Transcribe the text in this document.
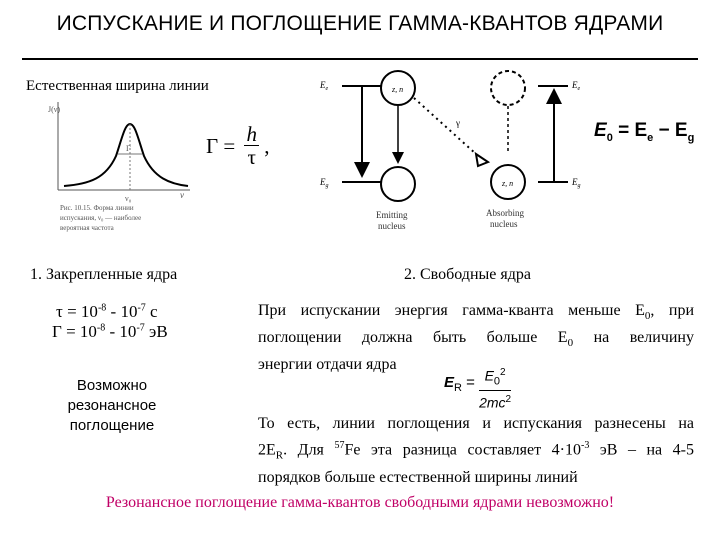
ИСПУСКАНИЕ И ПОГЛОЩЕНИЕ ГАММА-КВАНТОВ ЯДРАМИ
Естественная ширина линии
J(ν)
ν
Γ
ν₀
Рис. 10.15. Форма линии
испускания, ν₀ — наиболее
вероятная частота
$\Gamma = \frac{h}{\tau}$ ,
$E_e$
$E_g$
z, n
Emitting
nucleus
γ
z, n
Absorbing
nucleus
$E_e$
$E_g$
$E_0 = E_e - E_g$
1. Закрепленные ядра
$\tau = 10^{-8} - 10^{-7}$ с
$\Gamma = 10^{-8} - 10^{-7}$ эВ
Возможно
резонансное
поглощение
2. Свободные ядра
При испускании энергия гамма-кванта меньше $E_0$, при
поглощении должна быть больше $E_0$ на величину
энергии отдачи ядра
$E_R = \frac{E_0^2}{2mc^2}$
То есть, линии поглощения и испускания разнесены на
$2E_R$. Для $^{57}$Fe эта разница составляет $4\cdot 10^{-3}$ эВ – на 4-5
порядков больше естественной ширины линий
Резонансное поглощение гамма-квантов свободными ядрами невозможно!
